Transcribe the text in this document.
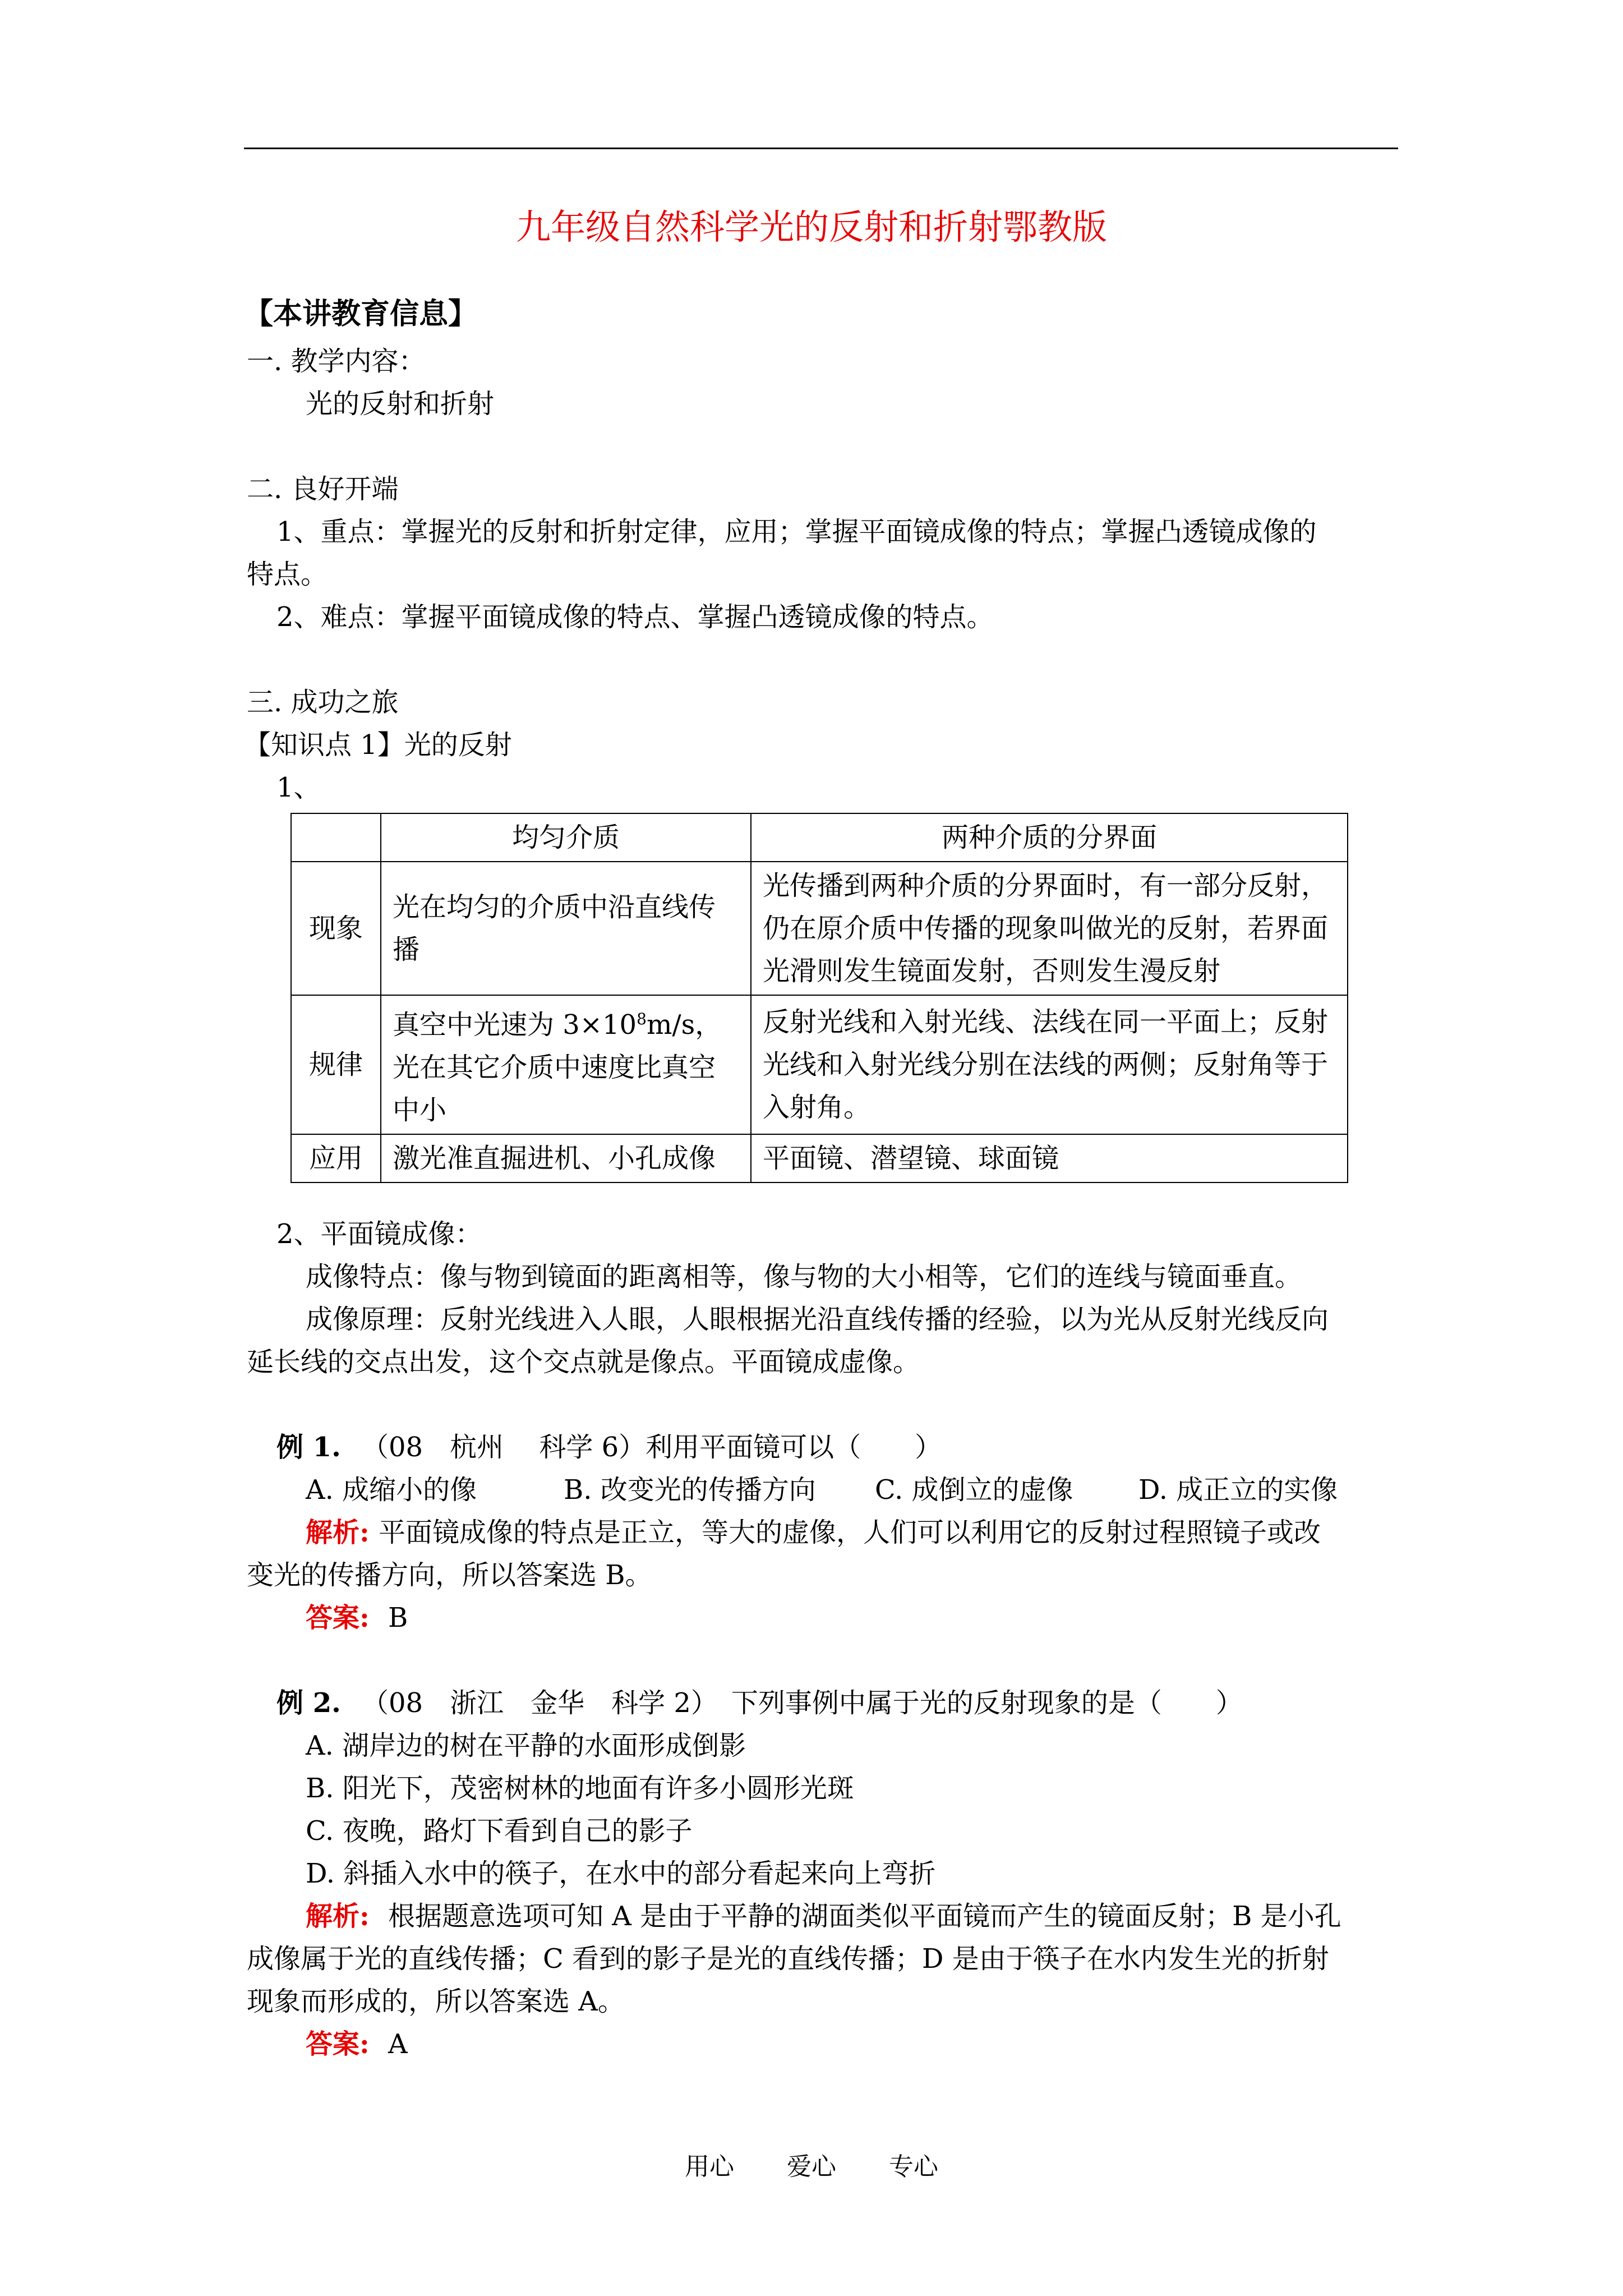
九年级自然科学光的反射和折射鄂教版
【本讲教育信息】
一. 教学内容：
光的反射和折射
二. 良好开端
1、重点：掌握光的反射和折射定律，应用；掌握平面镜成像的特点；掌握凸透镜成像的
特点。
2、难点：掌握平面镜成像的特点、掌握凸透镜成像的特点。
三. 成功之旅
【知识点 1】光的反射
1、
	均匀介质	两种介质的分界面
现象	光在均匀的介质中沿直线传播	光传播到两种介质的分界面时，有一部分反射，仍在原介质中传播的现象叫做光的反射，若界面光滑则发生镜面发射，否则发生漫反射
规律	真空中光速为 $3\times 10^8m/s$，光在其它介质中速度比真空中小	反射光线和入射光线、法线在同一平面上；反射光线和入射光线分别在法线的两侧；反射角等于入射角。
应用	激光准直掘进机、小孔成像	平面镜、潜望镜、球面镜
2、平面镜成像：
成像特点：像与物到镜面的距离相等，像与物的大小相等，它们的连线与镜面垂直。
成像原理：反射光线进入人眼，人眼根据光沿直线传播的经验，以为光从反射光线反向
延长线的交点出发，这个交点就是像点。平面镜成虚像。
例 1. （08　杭州　 科学 6）利用平面镜可以（　　）
A. 成缩小的像	B. 改变光的传播方向 C. 成倒立的虚像 D. 成正立的实像
解析: 平面镜成像的特点是正立，等大的虚像，人们可以利用它的反射过程照镜子或改
变光的传播方向，所以答案选 B。
答案: B
例 2. （08　浙江　金华　科学 2）　下列事例中属于光的反射现象的是（　　）
A. 湖岸边的树在平静的水面形成倒影
B. 阳光下，茂密树林的地面有许多小圆形光斑
C. 夜晚，路灯下看到自己的影子
D. 斜插入水中的筷子，在水中的部分看起来向上弯折
解析: 根据题意选项可知 A 是由于平静的湖面类似平面镜而产生的镜面反射；B 是小孔
成像属于光的直线传播；C 看到的影子是光的直线传播；D 是由于筷子在水内发生光的折射
现象而形成的，所以答案选 A。
答案: A
用心 爱心 专心
